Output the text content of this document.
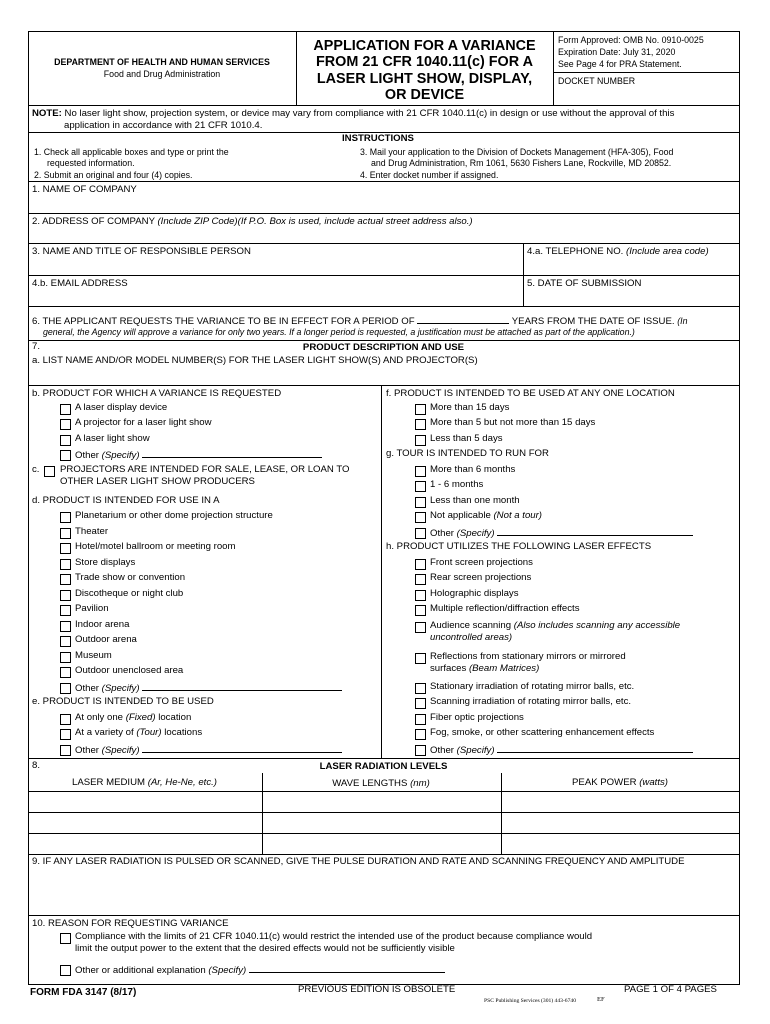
DEPARTMENT OF HEALTH AND HUMAN SERVICES
Food and Drug Administration
APPLICATION FOR A VARIANCE
FROM 21 CFR 1040.11(c) FOR A
LASER LIGHT SHOW, DISPLAY,
OR DEVICE
Form Approved: OMB No. 0910-0025
Expiration Date: July 31, 2020
See Page 4 for PRA Statement.
DOCKET NUMBER
NOTE: No laser light show, projection system, or device may vary from compliance with 21 CFR 1040.11(c) in design or use without the approval of this
application in accordance with 21 CFR 1010.4.
INSTRUCTIONS
1. Check all applicable boxes and type or print the
requested information.
2. Submit an original and four (4) copies.
3. Mail your application to the Division of Dockets Management (HFA-305), Food
and Drug Administration, Rm 1061, 5630 Fishers Lane, Rockville, MD 20852.
4. Enter docket number if assigned.
1. NAME OF COMPANY
2. ADDRESS OF COMPANY (Include ZIP Code)(If P.O. Box is used, include actual street address also.)
3. NAME AND TITLE OF RESPONSIBLE PERSON	4.a. TELEPHONE NO. (Include area code)
4.b. EMAIL ADDRESS	5. DATE OF SUBMISSION
6. THE APPLICANT REQUESTS THE VARIANCE TO BE IN EFFECT FOR A PERIOD OF	YEARS FROM THE DATE OF ISSUE. (In
general, the Agency will approve a variance for only two years. If a longer period is requested, a justification must be attached as part of the application.)
7.	PRODUCT DESCRIPTION AND USE
a. LIST NAME AND/OR MODEL NUMBER(S) FOR THE LASER LIGHT SHOW(S) AND PROJECTOR(S)
b. PRODUCT FOR WHICH A VARIANCE IS REQUESTED
A laser display device
A projector for a laser light show
A laser light show
Other (Specify)
c. PROJECTORS ARE INTENDED FOR SALE, LEASE, OR LOAN TO
OTHER LASER LIGHT SHOW PRODUCERS
d. PRODUCT IS INTENDED FOR USE IN A
Planetarium or other dome projection structure
Theater
Hotel/motel ballroom or meeting room
Store displays
Trade show or convention
Discotheque or night club
Pavilion
Indoor arena
Outdoor arena
Museum
Outdoor unenclosed area
Other (Specify)
e. PRODUCT IS INTENDED TO BE USED
At only one (Fixed) location
At a variety of (Tour) locations
Other (Specify)
f. PRODUCT IS INTENDED TO BE USED AT ANY ONE LOCATION
More than 15 days
More than 5 but not more than 15 days
Less than 5 days
g. TOUR IS INTENDED TO RUN FOR
More than 6 months
1 - 6 months
Less than one month
Not applicable (Not a tour)
Other (Specify)
h. PRODUCT UTILIZES THE FOLLOWING LASER EFFECTS
Front screen projections
Rear screen projections
Holographic displays
Multiple reflection/diffraction effects
Audience scanning (Also includes scanning any accessible
uncontrolled areas)
Reflections from stationary mirrors or mirrored
surfaces (Beam Matrices)
Stationary irradiation of rotating mirror balls, etc.
Scanning irradiation of rotating mirror balls, etc.
Fiber optic projections
Fog, smoke, or other scattering enhancement effects
Other (Specify)
8.	LASER RADIATION LEVELS
LASER MEDIUM (Ar, He-Ne, etc.)	WAVE LENGTHS (nm)	PEAK POWER (watts)
9. IF ANY LASER RADIATION IS PULSED OR SCANNED, GIVE THE PULSE DURATION AND RATE AND SCANNING FREQUENCY AND AMPLITUDE
10. REASON FOR REQUESTING VARIANCE
Compliance with the limits of 21 CFR 1040.11(c) would restrict the intended use of the product because compliance would
limit the output power to the extent that the desired effects would not be sufficiently visible
Other or additional explanation (Specify)
FORM FDA 3147 (8/17)	PREVIOUS EDITION IS OBSOLETE	PAGE 1 OF 4 PAGES
PSC Publishing Services (301) 443-6740	EF
